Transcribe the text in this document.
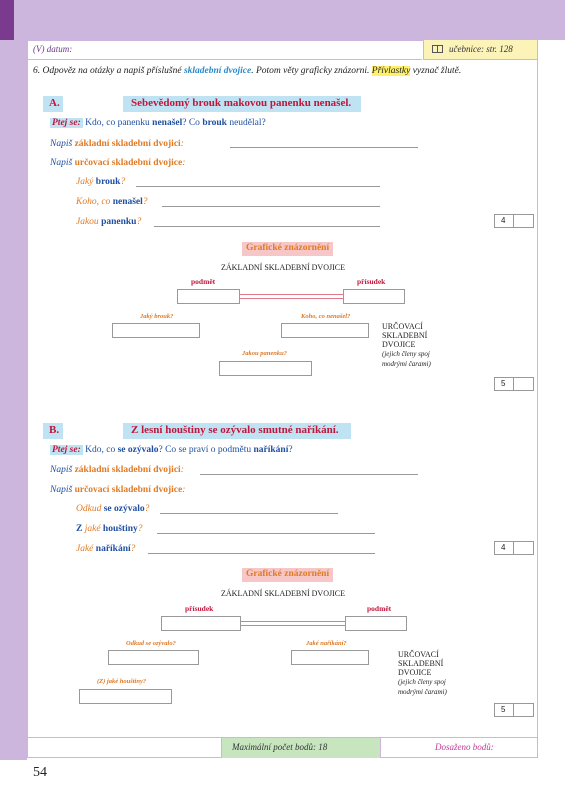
(V) datum:	učebnice: str. 128
6. Odpověz na otázky a napiš příslušné skladební dvojice. Potom věty graficky znázorni. Přívlastky vyznač žlutě.
A.	Sebevědomý brouk makovou panenku nenašel.
Ptej se: Kdo, co panenku nenašel? Co brouk neudělal?
Napiš základní skladební dvojici:
Napiš určovací skladební dvojice:
Jaký brouk?
Koho, co nenašel?
Jakou panenku?	4
Grafické znázornění
ZÁKLADNÍ SKLADEBNÍ DVOJICE
podmět	přísudek
Jaký brouk?	Koho, co nenašel?
Jakou panenku?
URČOVACÍ
SKLADEBNÍ
DVOJICE
(jejich členy spoj
modrými čarami)
5
B.	Z lesní houštiny se ozývalo smutné naříkání.
Ptej se: Kdo, co se ozývalo? Co se praví o podmětu naříkání?
Napiš základní skladební dvojici:
Napiš určovací skladební dvojice:
Odkud se ozývalo?
Z jaké houštiny?
Jaké naříkání?	4
Grafické znázornění
ZÁKLADNÍ SKLADEBNÍ DVOJICE
přísudek	podmět
Odkud se ozývalo?	Jaké naříkání?
(Z) jaké houštiny?
URČOVACÍ
SKLADEBNÍ
DVOJICE
(jejich členy spoj
modrými čarami)
5
Maximální počet bodů: 18	Dosaženo bodů:
54
